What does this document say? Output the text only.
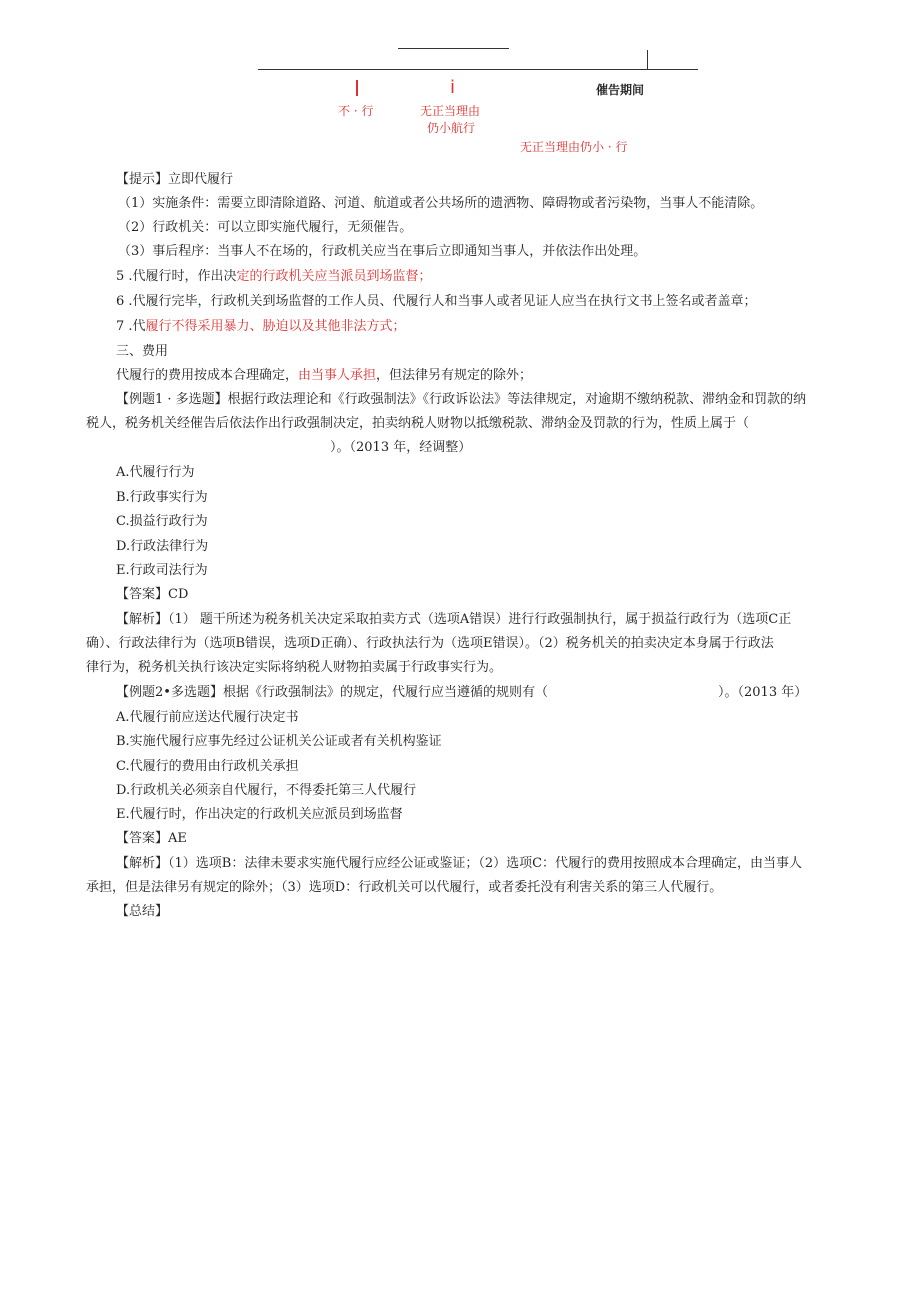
i
不 · 行	无正当理由
仍小航行
催告期间
无正当理由仍小 · 行
【提示】立即代履行
（1）实施条件：需要立即清除道路、河道、航道或者公共场所的遗洒物、障碍物或者污染物，当事人不能清除。
（2）行政机关：可以立即实施代履行，无须催告。
（3）事后程序：当事人不在场的，行政机关应当在事后立即通知当事人，并依法作出处理。
5 .代履行时，作出决定的行政机关应当派员到场监督；
6 .代履行完毕，行政机关到场监督的工作人员、代履行人和当事人或者见证人应当在执行文书上签名或者盖章；
7 .代履行不得采用暴力、胁迫以及其他非法方式；
三、费用
代履行的费用按成本合理确定，由当事人承担，但法律另有规定的除外；
【例题1 · 多选题】根据行政法理论和《行政强制法》《行政诉讼法》等法律规定，对逾期不缴纳税款、滞纳金和罚款的纳
税人，税务机关经催告后依法作出行政强制决定，拍卖纳税人财物以抵缴税款、滞纳金及罚款的行为，性质上属于（
）。（2013 年，经调整）
A.代履行行为
B.行政事实行为
C.损益行政行为
D.行政法律行为
E.行政司法行为
【答案】CD
【解析】（1） 题干所述为税务机关决定采取拍卖方式（选项A错误）进行行政强制执行，属于损益行政行为（选项C正
确）、行政法律行为（选项B错误，选项D正确）、行政执法行为（选项E错误）。（2）税务机关的拍卖决定本身属于行政法
律行为，税务机关执行该决定实际将纳税人财物拍卖属于行政事实行为。
【例题2•多选题】根据《行政强制法》的规定，代履行应当遵循的规则有（	）。（2013 年）
A.代履行前应送达代履行决定书
B.实施代履行应事先经过公证机关公证或者有关机构鉴证
C.代履行的费用由行政机关承担
D.行政机关必须亲自代履行，不得委托第三人代履行
E.代履行时，作出决定的行政机关应派员到场监督
【答案】AE
【解析】（1）选项B：法律未要求实施代履行应经公证或鉴证；（2）选项C：代履行的费用按照成本合理确定，由当事人
承担，但是法律另有规定的除外；（3）选项D：行政机关可以代履行，或者委托没有利害关系的第三人代履行。
【总结】
